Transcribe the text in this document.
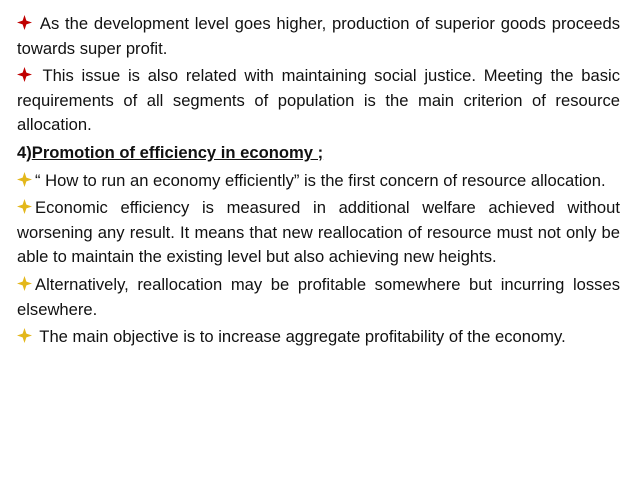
As the development level goes higher, production of superior goods proceeds towards super profit.

This issue is also related with maintaining social justice. Meeting the basic requirements of all segments of population is the main criterion of resource allocation.

4)Promotion of efficiency in economy ;

“ How to run an economy efficiently” is the first concern of resource allocation.

Economic efficiency is measured in additional welfare achieved without worsening any result. It means that new reallocation of resource must not only be able to maintain the existing level but also achieving new heights.

Alternatively, reallocation may be profitable somewhere but incurring losses elsewhere.

The main objective is to increase aggregate profitability of the economy.
